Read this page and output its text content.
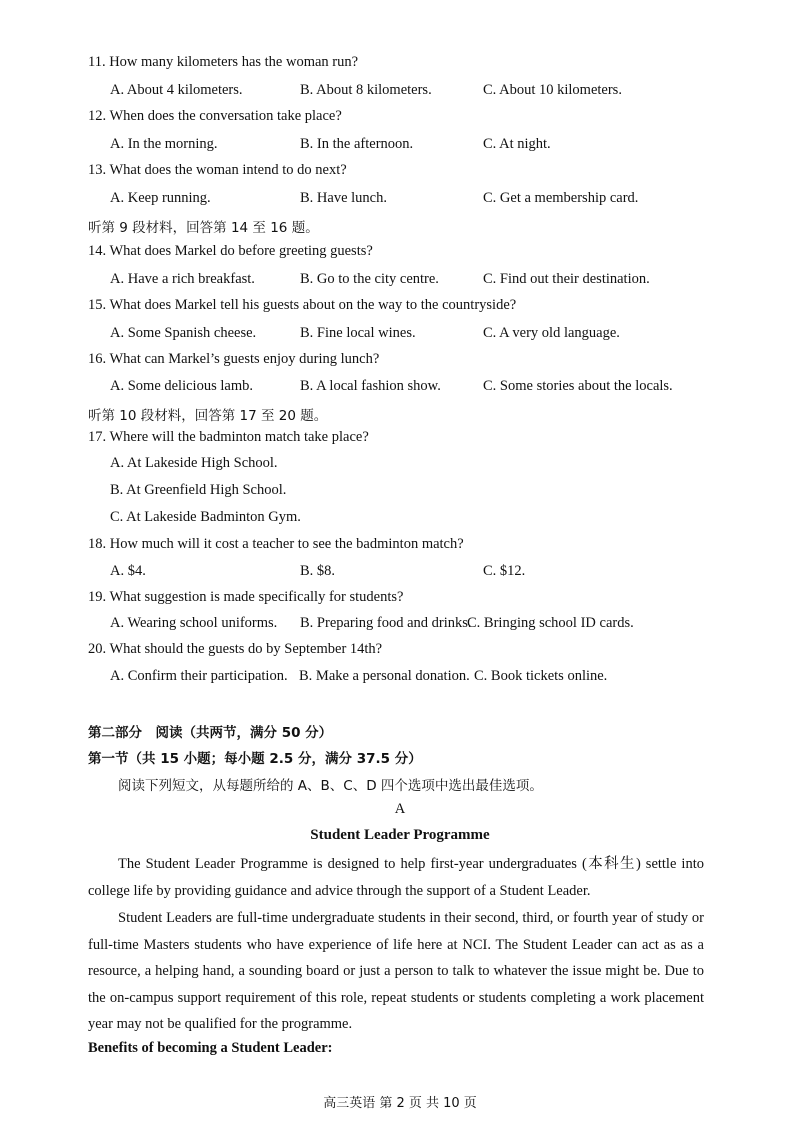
11. How many kilometers has the woman run?
A. About 4 kilometers.	B. About 8 kilometers.	C. About 10 kilometers.
12. When does the conversation take place?
A. In the morning.	B. In the afternoon.	C. At night.
13. What does the woman intend to do next?
A. Keep running.	B. Have lunch.	C. Get a membership card.
听第 9 段材料，回答第 14 至 16 题。
14. What does Markel do before greeting guests?
A. Have a rich breakfast.	B. Go to the city centre.	C. Find out their destination.
15. What does Markel tell his guests about on the way to the countryside?
A. Some Spanish cheese.	B. Fine local wines.	C. A very old language.
16. What can Markel’s guests enjoy during lunch?
A. Some delicious lamb.	B. A local fashion show.	C. Some stories about the locals.
听第 10 段材料，回答第 17 至 20 题。
17. Where will the badminton match take place?
A. At Lakeside High School.
B. At Greenfield High School.
C. At Lakeside Badminton Gym.
18. How much will it cost a teacher to see the badminton match?
A. $4.	B. $8.	C. $12.
19. What suggestion is made specifically for students?
A. Wearing school uniforms. B. Preparing food and drinks.
C. Bringing school ID cards.
20. What should the guests do by September 14th?
A. Confirm their participation. B. Make a personal donation. C. Book tickets online.
第二部分　阅读（共两节，满分 50 分）
第一节（共 15 小题；每小题 2.5 分，满分 37.5 分）
阅读下列短文，从每题所给的 A、B、C、D 四个选项中选出最佳选项。
A
Student Leader Programme

The Student Leader Programme is designed to help first-year undergraduates (本科生) settle into college life by providing guidance and advice through the support of a Student Leader.

Student Leaders are full-time undergraduate students in their second, third, or fourth year of study or full-time Masters students who have experience of life here at NCI. The Student Leader can act as as a resource, a helping hand, a sounding board or just a person to talk to whatever the issue might be. Due to the on-campus support requirement of this role, repeat students or students completing a work placement year may not be qualified for the programme.

Benefits of becoming a Student Leader:
高三英语 第 2 页 共 10 页
